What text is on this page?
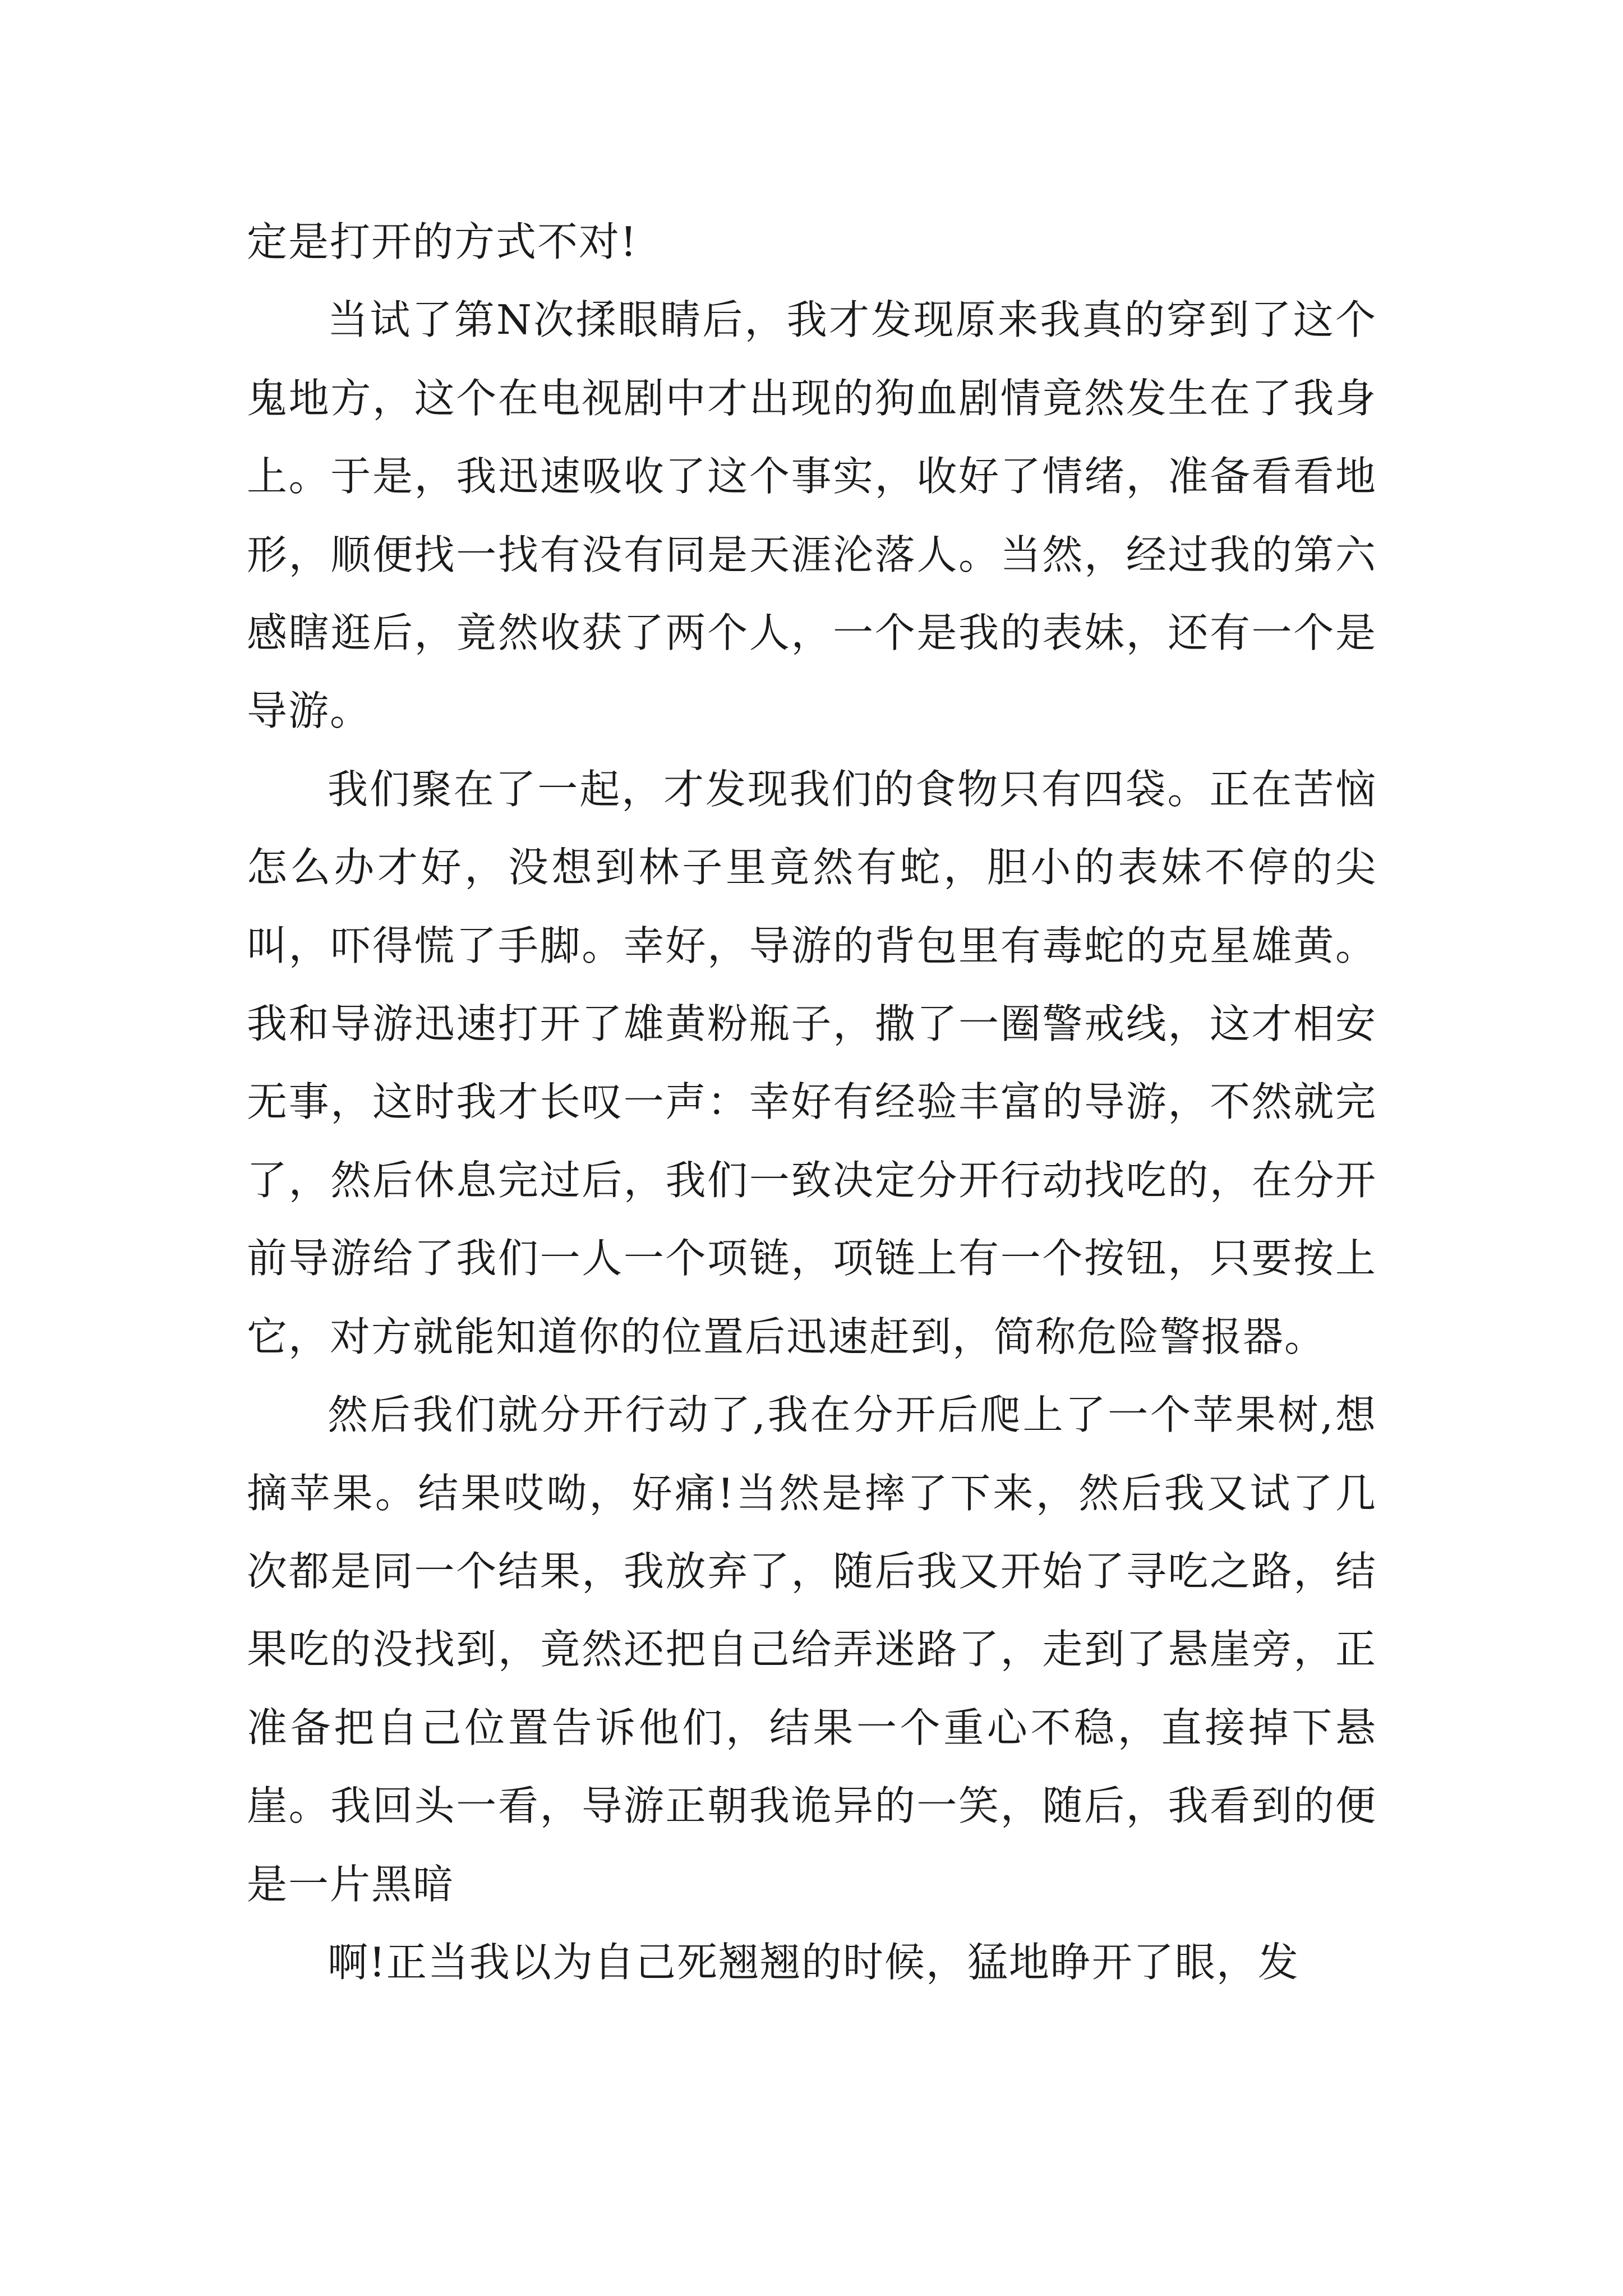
定是打开的方式不对!

当试了第N次揉眼睛后，我才发现原来我真的穿到了这个鬼地方，这个在电视剧中才出现的狗血剧情竟然发生在了我身上。于是，我迅速吸收了这个事实，收好了情绪，准备看看地形，顺便找一找有没有同是天涯沦落人。当然，经过我的第六感瞎逛后，竟然收获了两个人，一个是我的表妹，还有一个是导游。

我们聚在了一起，才发现我们的食物只有四袋。正在苦恼怎么办才好，没想到林子里竟然有蛇，胆小的表妹不停的尖叫，吓得慌了手脚。幸好，导游的背包里有毒蛇的克星雄黄。我和导游迅速打开了雄黄粉瓶子，撒了一圈警戒线，这才相安无事，这时我才长叹一声：幸好有经验丰富的导游，不然就完了，然后休息完过后，我们一致决定分开行动找吃的，在分开前导游给了我们一人一个项链，项链上有一个按钮，只要按上它，对方就能知道你的位置后迅速赶到，简称危险警报器。

然后我们就分开行动了,我在分开后爬上了一个苹果树,想摘苹果。结果哎呦，好痛!当然是摔了下来，然后我又试了几次都是同一个结果，我放弃了，随后我又开始了寻吃之路，结果吃的没找到，竟然还把自己给弄迷路了，走到了悬崖旁，正准备把自己位置告诉他们，结果一个重心不稳，直接掉下悬崖。我回头一看，导游正朝我诡异的一笑，随后，我看到的便是一片黑暗

啊!正当我以为自己死翘翘的时候，猛地睁开了眼，发
